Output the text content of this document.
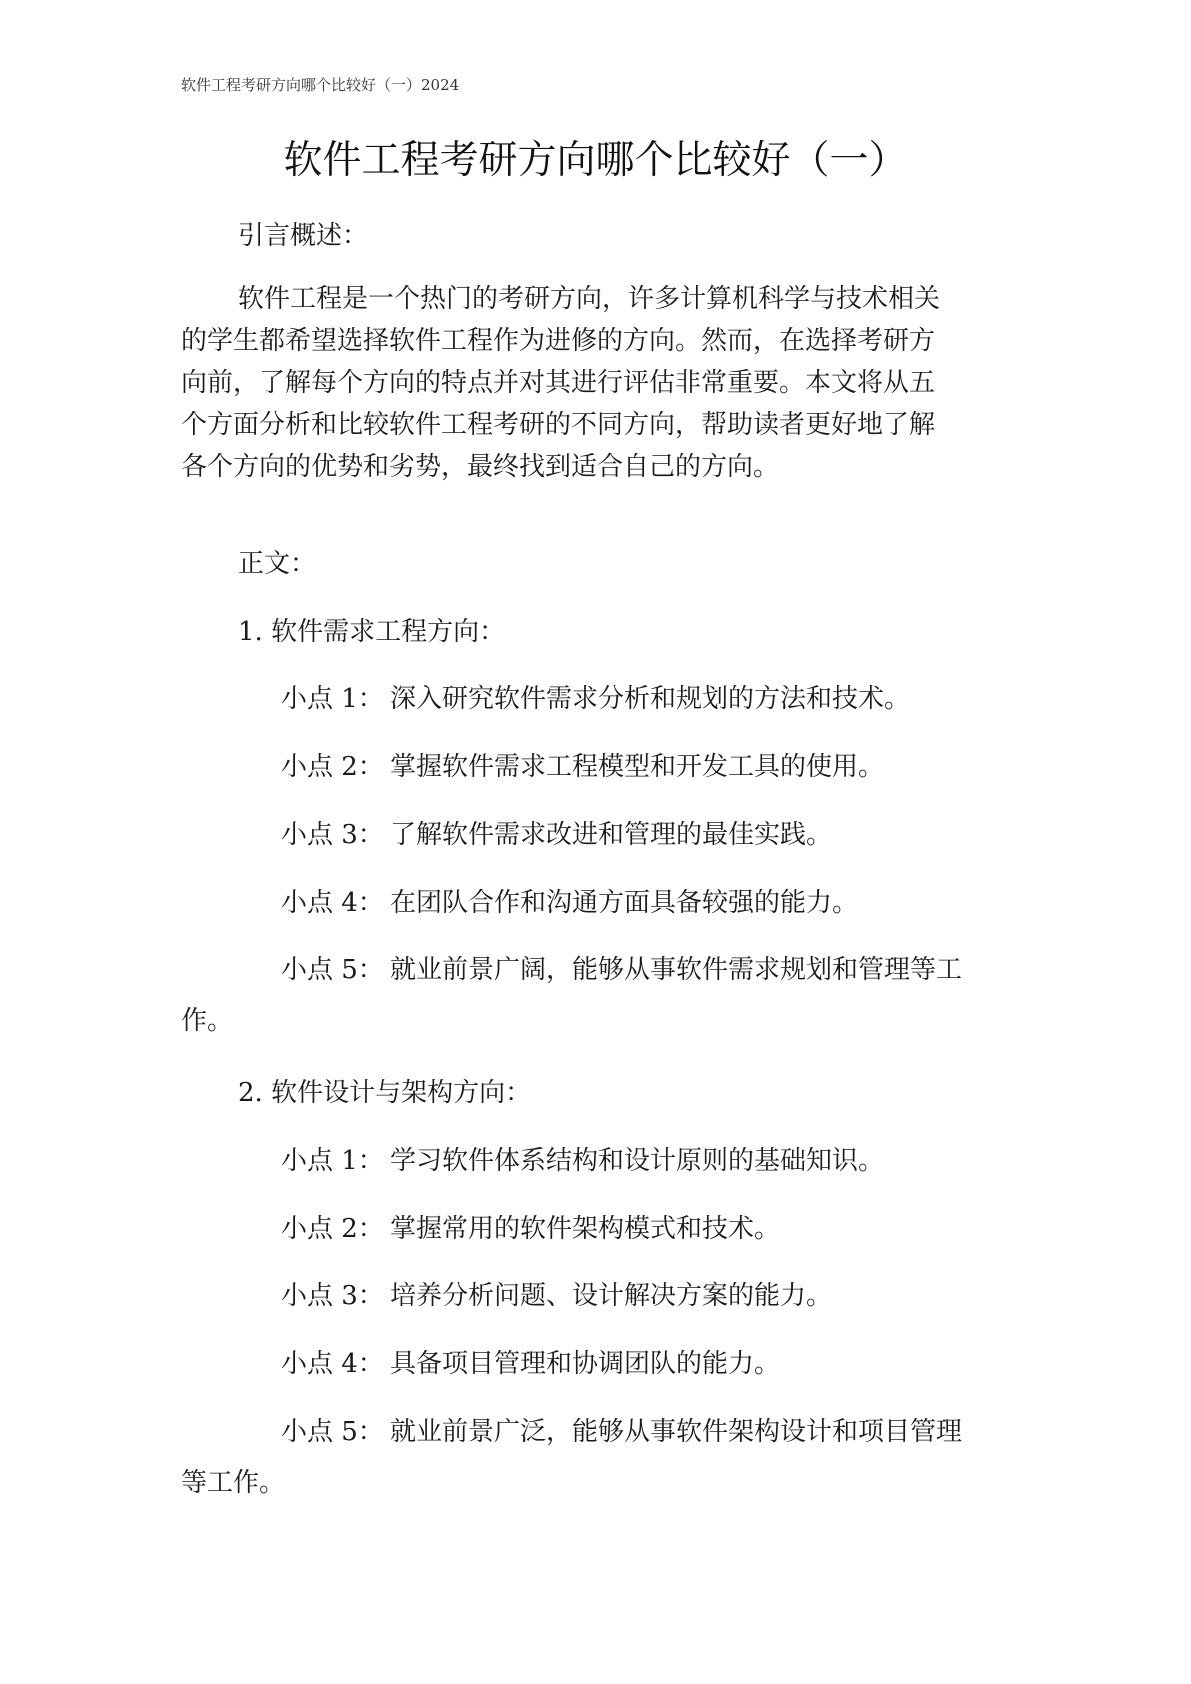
软件工程考研方向哪个比较好（一）2024
软件工程考研方向哪个比较好（一）
引言概述：
软件工程是一个热门的考研方向，许多计算机科学与技术相关
的学生都希望选择软件工程作为进修的方向。然而，在选择考研方
向前，了解每个方向的特点并对其进行评估非常重要。本文将从五
个方面分析和比较软件工程考研的不同方向，帮助读者更好地了解
各个方向的优势和劣势，最终找到适合自己的方向。
正文：
1. 软件需求工程方向：
小点 1： 深入研究软件需求分析和规划的方法和技术。
小点 2： 掌握软件需求工程模型和开发工具的使用。
小点 3： 了解软件需求改进和管理的最佳实践。
小点 4： 在团队合作和沟通方面具备较强的能力。
小点 5： 就业前景广阔，能够从事软件需求规划和管理等工
作。
2. 软件设计与架构方向：
小点 1： 学习软件体系结构和设计原则的基础知识。
小点 2： 掌握常用的软件架构模式和技术。
小点 3： 培养分析问题、设计解决方案的能力。
小点 4： 具备项目管理和协调团队的能力。
小点 5： 就业前景广泛，能够从事软件架构设计和项目管理
等工作。
